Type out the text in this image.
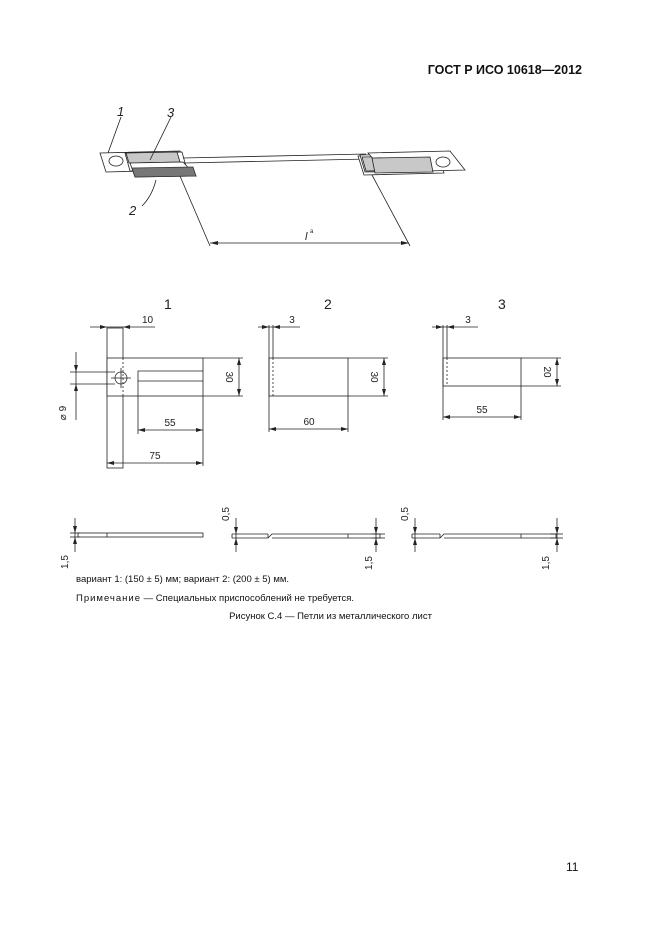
ГОСТ Р ИСО 10618—2012
1	3
2
l a
1	2	3
10
30
55
75
⌀ 9
3
30
60
3
20
55
1,5
0,5
1,5
0,5
1,5
вариант 1: (150 ± 5) мм; вариант 2: (200 ± 5) мм.
Примечание — Специальных приспособлений не требуется.
Рисунок С.4 — Петли из металлического лист
11
